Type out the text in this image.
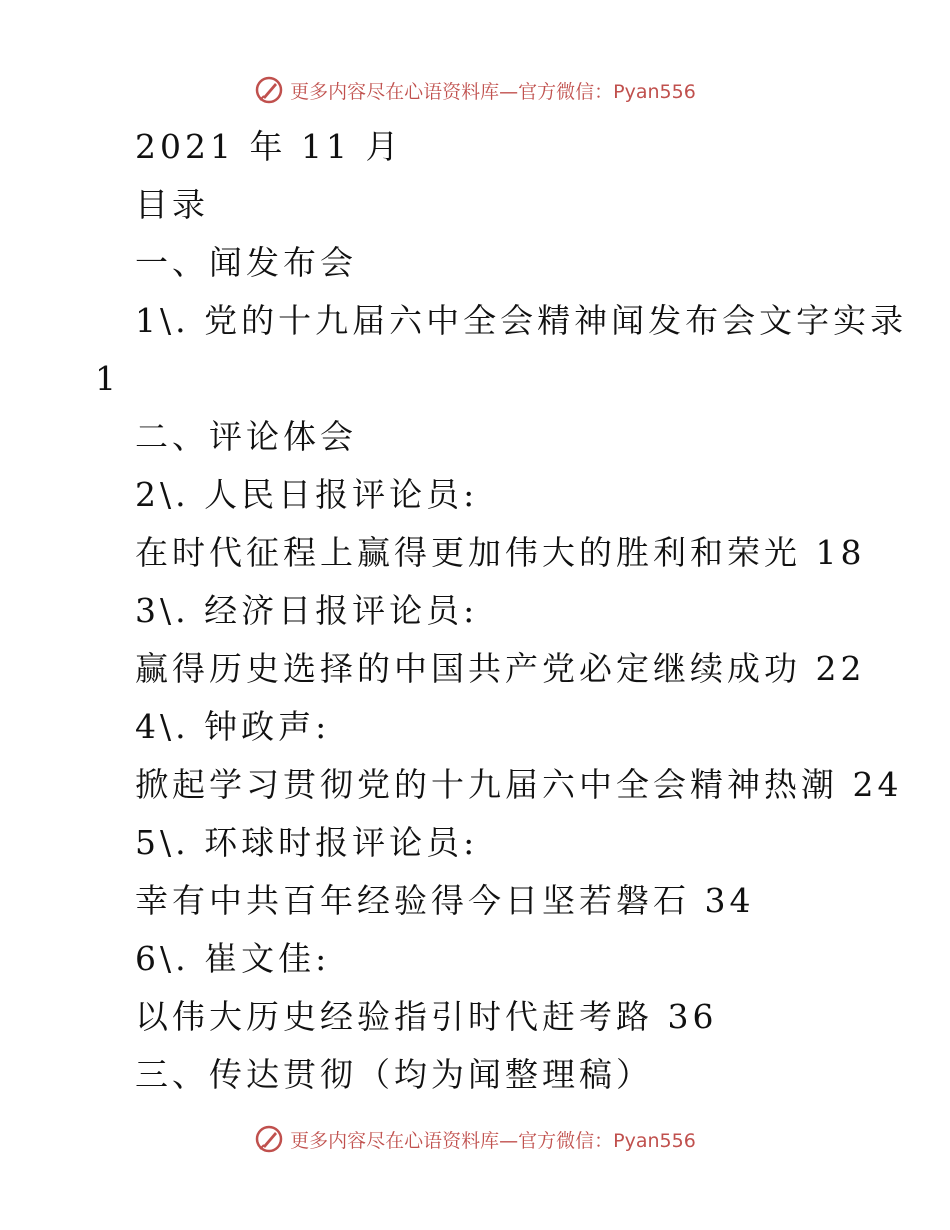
更多内容尽在心语资料库—官方微信：Pyan556
2021 年 11 月
目录
一、闻发布会
1\. 党的十九届六中全会精神闻发布会文字实录
1
二、评论体会
2\. 人民日报评论员:
在时代征程上赢得更加伟大的胜利和荣光 18
3\. 经济日报评论员:
赢得历史选择的中国共产党必定继续成功 22
4\. 钟政声:
掀起学习贯彻党的十九届六中全会精神热潮 24
5\. 环球时报评论员:
幸有中共百年经验得今日坚若磐石 34
6\. 崔文佳:
以伟大历史经验指引时代赶考路 36
三、传达贯彻（均为闻整理稿）
更多内容尽在心语资料库—官方微信：Pyan556
